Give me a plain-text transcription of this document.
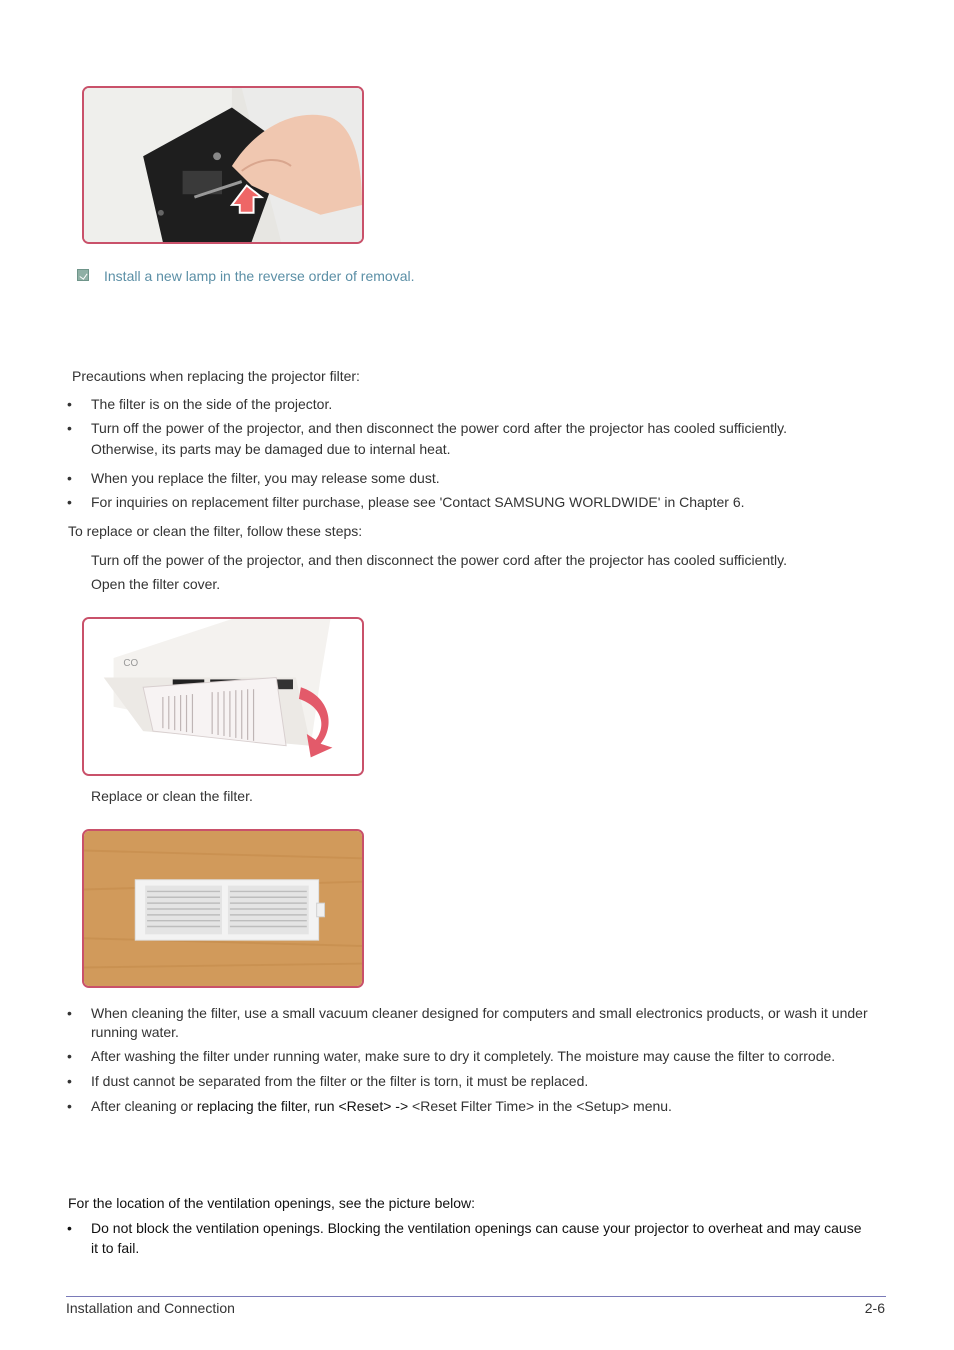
Install a new lamp in the reverse order of removal.
Precautions when replacing the projector filter:
• The filter is on the side of the projector.
• Turn off the power of the projector, and then disconnect the power cord after the projector has cooled sufficiently.
Otherwise, its parts may be damaged due to internal heat.
• When you replace the filter, you may release some dust.
• For inquiries on replacement filter purchase, please see 'Contact SAMSUNG WORLDWIDE' in Chapter 6.
To replace or clean the filter, follow these steps:
Turn off the power of the projector, and then disconnect the power cord after the projector has cooled sufficiently.
Open the filter cover.
CO
Replace or clean the filter.
• When cleaning the filter, use a small vacuum cleaner designed for computers and small electronics products, or wash it under
running water.
• After washing the filter under running water, make sure to dry it completely. The moisture may cause the filter to corrode.
• If dust cannot be separated from the filter or the filter is torn, it must be replaced.
• After cleaning or replacing the filter, run <Reset> -> <Reset Filter Time> in the <Setup> menu.
For the location of the ventilation openings, see the picture below:
• Do not block the ventilation openings. Blocking the ventilation openings can cause your projector to overheat and may cause
it to fail.
Installation and Connection	2-6
